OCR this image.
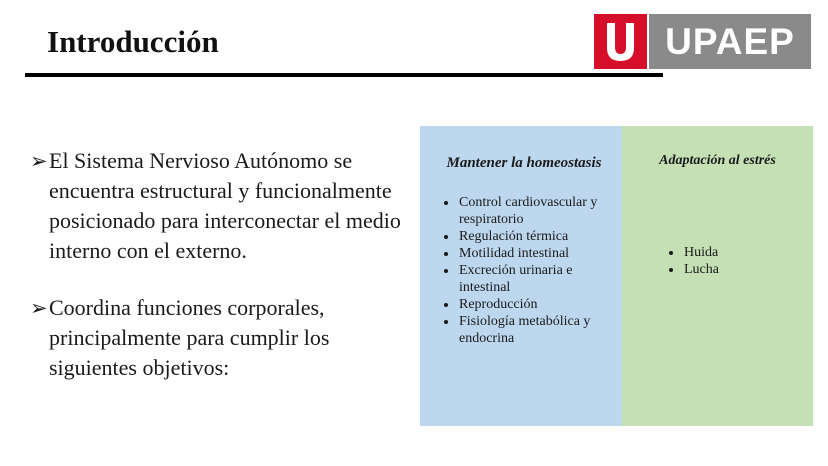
Introducción	UPAEP
➢ El Sistema Nervioso Autónomo se encuentra estructural y funcionalmente posicionado para interconectar el medio interno con el externo.
➢ Coordina funciones corporales, principalmente para cumplir los siguientes objetivos:
Mantener la homeostasis
• Control cardiovascular y respiratorio
• Regulación térmica
• Motilidad intestinal
• Excreción urinaria e intestinal
• Reproducción
• Fisiología metabólica y endocrina
Adaptación al estrés
• Huida
• Lucha
